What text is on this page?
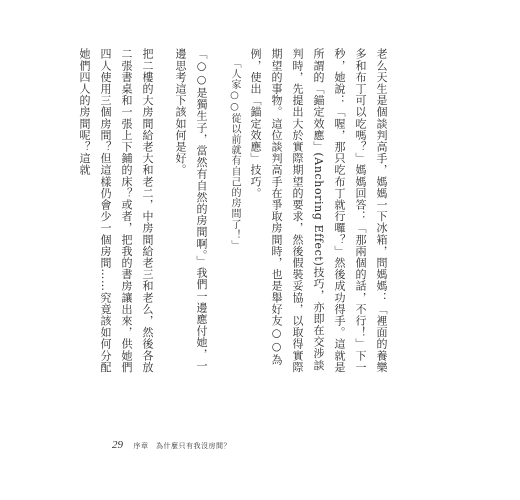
老么天生是個談判高手，媽媽一下冰箱，問媽媽：「裡面的養樂多和布丁可以吃嗎？」媽媽回答：「那兩個的話，不行！」下一秒，她說：「喔，那只吃布丁就行囉？」然後成功得手。這就是所謂的「錨定效應」(Anchoring Effect)技巧，亦即在交涉談判時，先提出大於實際期望的要求，然後假裝妥協，以取得實際期望的事物。這位談判高手在爭取房間時，也是舉好友○○為例，使出「錨定效應」技巧。

「人家○○從以前就有自己的房間了！」

「○○是獨生子，當然有自然的房間啊。」我們一邊應付她，一邊思考這下該如何是好。

把二樓的大房間給老大和老二，中房間給老三和老么，然後各放二張書桌和一張上下鋪的床？或者，把我的書房讓出來，供她們四人使用三個房間？但這樣仍會少一個房間……究竟該如何分配她們四人的房間呢？這就

29 序章　為什麼只有我沒房間？
